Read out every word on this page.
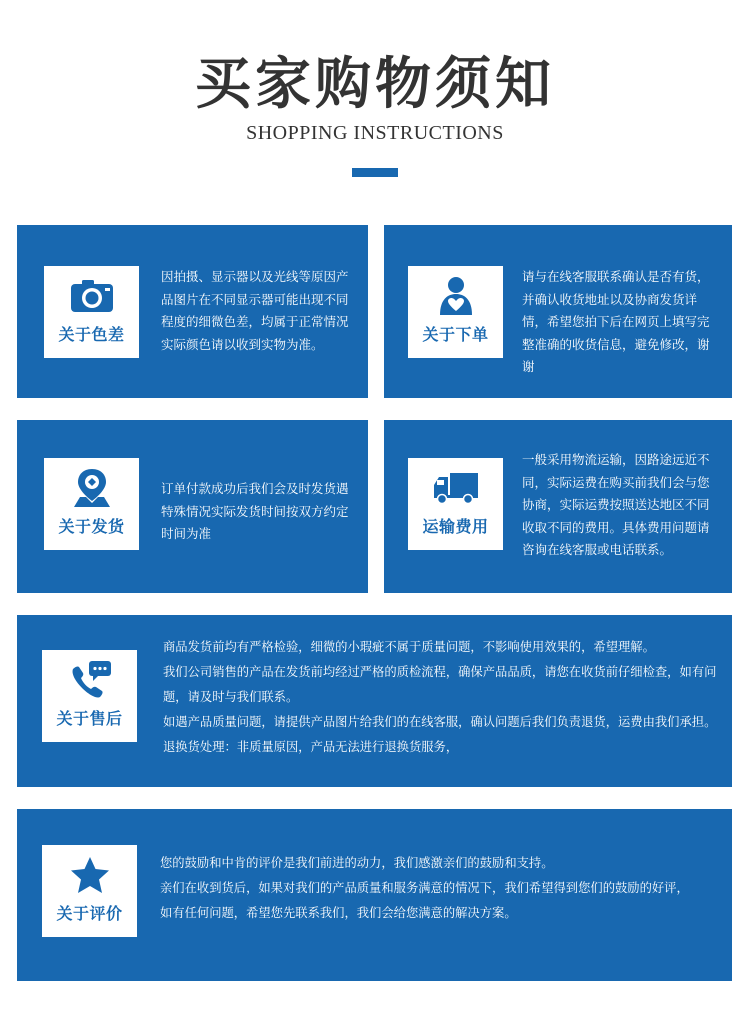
买家购物须知
SHOPPING INSTRUCTIONS
关于色差

因拍摄、显示器以及光线等原因产品图片在不同显示器可能出现不同程度的细微色差，均属于正常情况实际颜色请以收到实物为准。	关于下单

请与在线客服联系确认是否有货，并确认收货地址以及协商发货详情，希望您拍下后在网页上填写完整准确的收货信息，避免修改，谢谢

关于发货

订单付款成功后我们会及时发货遇特殊情况实际发货时间按双方约定时间为准	运输费用

一般采用物流运输，因路途远近不同，实际运费在购买前我们会与您协商，实际运费按照送达地区不同收取不同的费用。具体费用问题请咨询在线客服或电话联系。

关于售后

商品发货前均有严格检验，细微的小瑕疵不属于质量问题，不影响使用效果的，希望理解。

我们公司销售的产品在发货前均经过严格的质检流程，确保产品品质，请您在收货前仔细检查，如有问题，请及时与我们联系。

如遇产品质量问题，请提供产品图片给我们的在线客服，确认问题后我们负责退货，运费由我们承担。退换货处理：非质量原因，产品无法进行退换货服务，

关于评价

您的鼓励和中肯的评价是我们前进的动力，我们感激亲们的鼓励和支持。

亲们在收到货后，如果对我们的产品质量和服务满意的情况下，我们希望得到您们的鼓励的好评，

如有任何问题，希望您先联系我们，我们会给您满意的解决方案。
